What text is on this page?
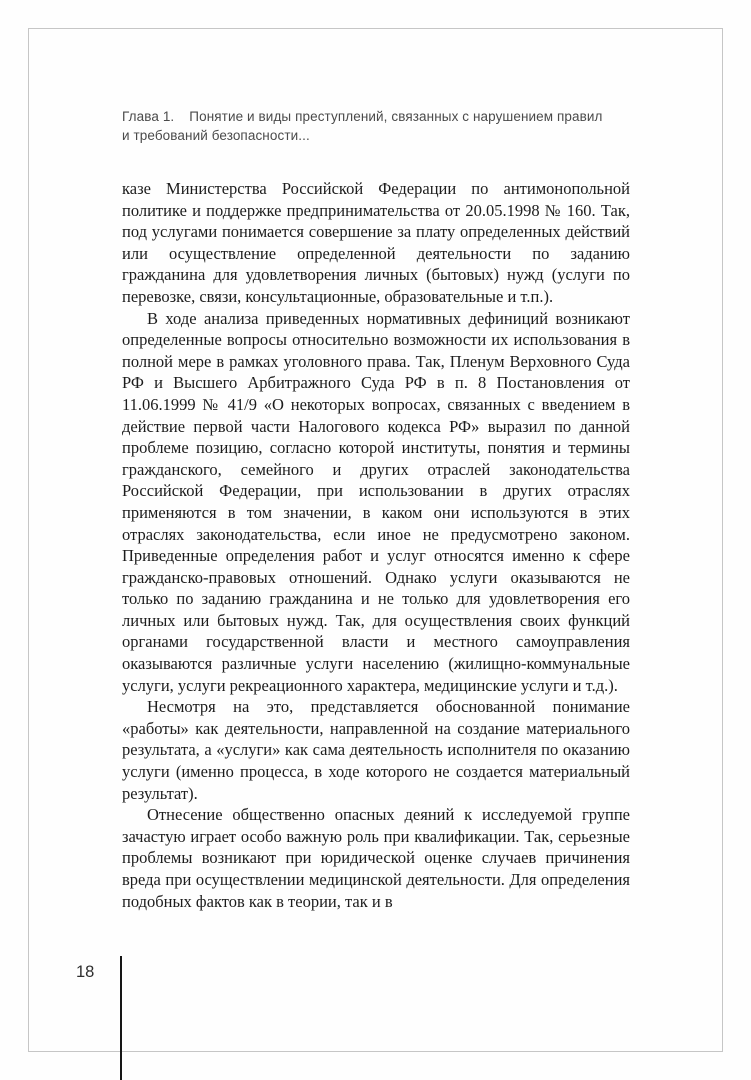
Глава 1. Понятие и виды преступлений, связанных с нарушением правил
и требований безопасности...

казе Министерства Российской Федерации по антимонопольной политике и поддержке предпринимательства от 20.05.1998 № 160. Так, под услугами понимается совершение за плату определенных действий или осуществление определенной деятельности по заданию гражданина для удовлетворения личных (бытовых) нужд (услуги по перевозке, связи, консультационные, образовательные и т.п.).

В ходе анализа приведенных нормативных дефиниций возникают определенные вопросы относительно возможности их использования в полной мере в рамках уголовного права. Так, Пленум Верховного Суда РФ и Высшего Арбитражного Суда РФ в п. 8 Постановления от 11.06.1999 № 41/9 «О некоторых вопросах, связанных с введением в действие первой части Налогового кодекса РФ» выразил по данной проблеме позицию, согласно которой институты, понятия и термины гражданского, семейного и других отраслей законодательства Российской Федерации, при использовании в других отраслях применяются в том значении, в каком они используются в этих отраслях законодательства, если иное не предусмотрено законом. Приведенные определения работ и услуг относятся именно к сфере гражданско-правовых отношений. Однако услуги оказываются не только по заданию гражданина и не только для удовлетворения его личных или бытовых нужд. Так, для осуществления своих функций органами государственной власти и местного самоуправления оказываются различные услуги населению (жилищно-коммунальные услуги, услуги рекреационного характера, медицинские услуги и т.д.).

Несмотря на это, представляется обоснованной понимание «работы» как деятельности, направленной на создание материального результата, а «услуги» как сама деятельность исполнителя по оказанию услуги (именно процесса, в ходе которого не создается материальный результат).

Отнесение общественно опасных деяний к исследуемой группе зачастую играет особо важную роль при квалификации. Так, серьезные проблемы возникают при юридической оценке случаев причинения вреда при осуществлении медицинской деятельности. Для определения подобных фактов как в теории, так и в

18
